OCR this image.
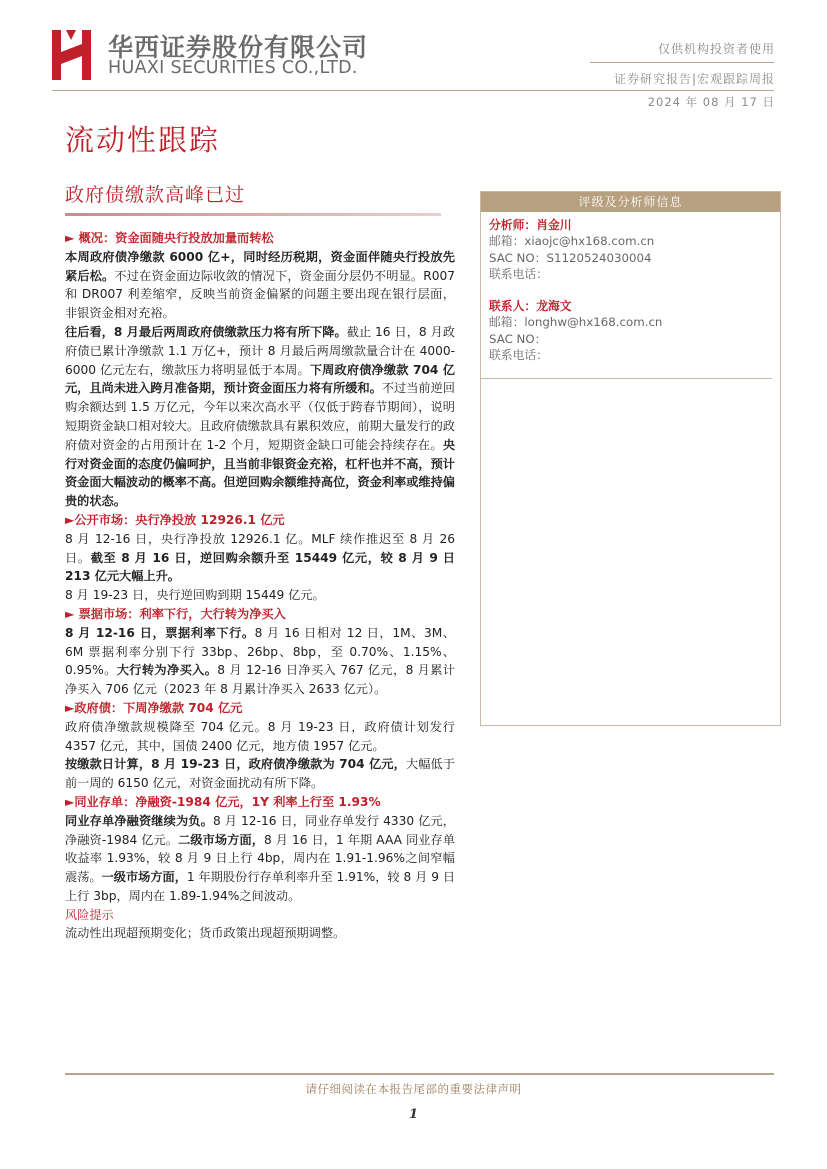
华西证券股份有限公司
HUAXI SECURITIES CO.,LTD.
仅供机构投资者使用
证券研究报告|宏观跟踪周报
2024 年 08 月 17 日
流动性跟踪
政府债缴款高峰已过

► 概况：资金面随央行投放加量而转松

本周政府债净缴款 6000 亿+，同时经历税期，资金面伴随央行投放先紧后松。不过在资金面边际收敛的情况下，资金面分层仍不明显。R007 和 DR007 利差缩窄，反映当前资金偏紧的问题主要出现在银行层面，非银资金相对充裕。

往后看，8 月最后两周政府债缴款压力将有所下降。截止 16 日，8 月政府债已累计净缴款 1.1 万亿+，预计 8 月最后两周缴款量合计在 4000-6000 亿元左右，缴款压力将明显低于本周。下周政府债净缴款 704 亿元，且尚未进入跨月准备期，预计资金面压力将有所缓和。不过当前逆回购余额达到 1.5 万亿元，今年以来次高水平（仅低于跨春节期间），说明短期资金缺口相对较大。且政府债缴款具有累积效应，前期大量发行的政府债对资金的占用预计在 1-2 个月，短期资金缺口可能会持续存在。央行对资金面的态度仍偏呵护，且当前非银资金充裕，杠杆也并不高，预计资金面大幅波动的概率不高。但逆回购余额维持高位，资金利率或维持偏贵的状态。

►公开市场：央行净投放 12926.1 亿元

8 月 12-16 日，央行净投放 12926.1 亿。MLF 续作推迟至 8 月 26 日。截至 8 月 16 日，逆回购余额升至 15449 亿元，较 8 月 9 日 213 亿元大幅上升。

8 月 19-23 日，央行逆回购到期 15449 亿元。

► 票据市场：利率下行，大行转为净买入

8 月 12-16 日，票据利率下行。8 月 16 日相对 12 日，1M、3M、6M 票据利率分别下行 33bp、26bp、8bp，至 0.70%、1.15%、0.95%。大行转为净买入。8 月 12-16 日净买入 767 亿元，8 月累计净买入 706 亿元（2023 年 8 月累计净买入 2633 亿元）。

►政府债：下周净缴款 704 亿元

政府债净缴款规模降至 704 亿元。8 月 19-23 日，政府债计划发行 4357 亿元，其中，国债 2400 亿元，地方债 1957 亿元。

按缴款日计算，8 月 19-23 日，政府债净缴款为 704 亿元，大幅低于前一周的 6150 亿元，对资金面扰动有所下降。

►同业存单：净融资-1984 亿元，1Y 利率上行至 1.93%

同业存单净融资继续为负。8 月 12-16 日，同业存单发行 4330 亿元，净融资-1984 亿元。二级市场方面，8 月 16 日，1 年期 AAA 同业存单收益率 1.93%，较 8 月 9 日上行 4bp，周内在 1.91-1.96%之间窄幅震荡。一级市场方面，1 年期股份行存单利率升至 1.91%，较 8 月 9 日上行 3bp，周内在 1.89-1.94%之间波动。

风险提示

流动性出现超预期变化；货币政策出现超预期调整。

评级及分析师信息
分析师：肖金川
邮箱：xiaojc@hx168.com.cn
SAC NO：S1120524030004
联系电话：
联系人：龙海文
邮箱：longhw@hx168.com.cn
SAC NO：
联系电话：
请仔细阅读在本报告尾部的重要法律声明
1
